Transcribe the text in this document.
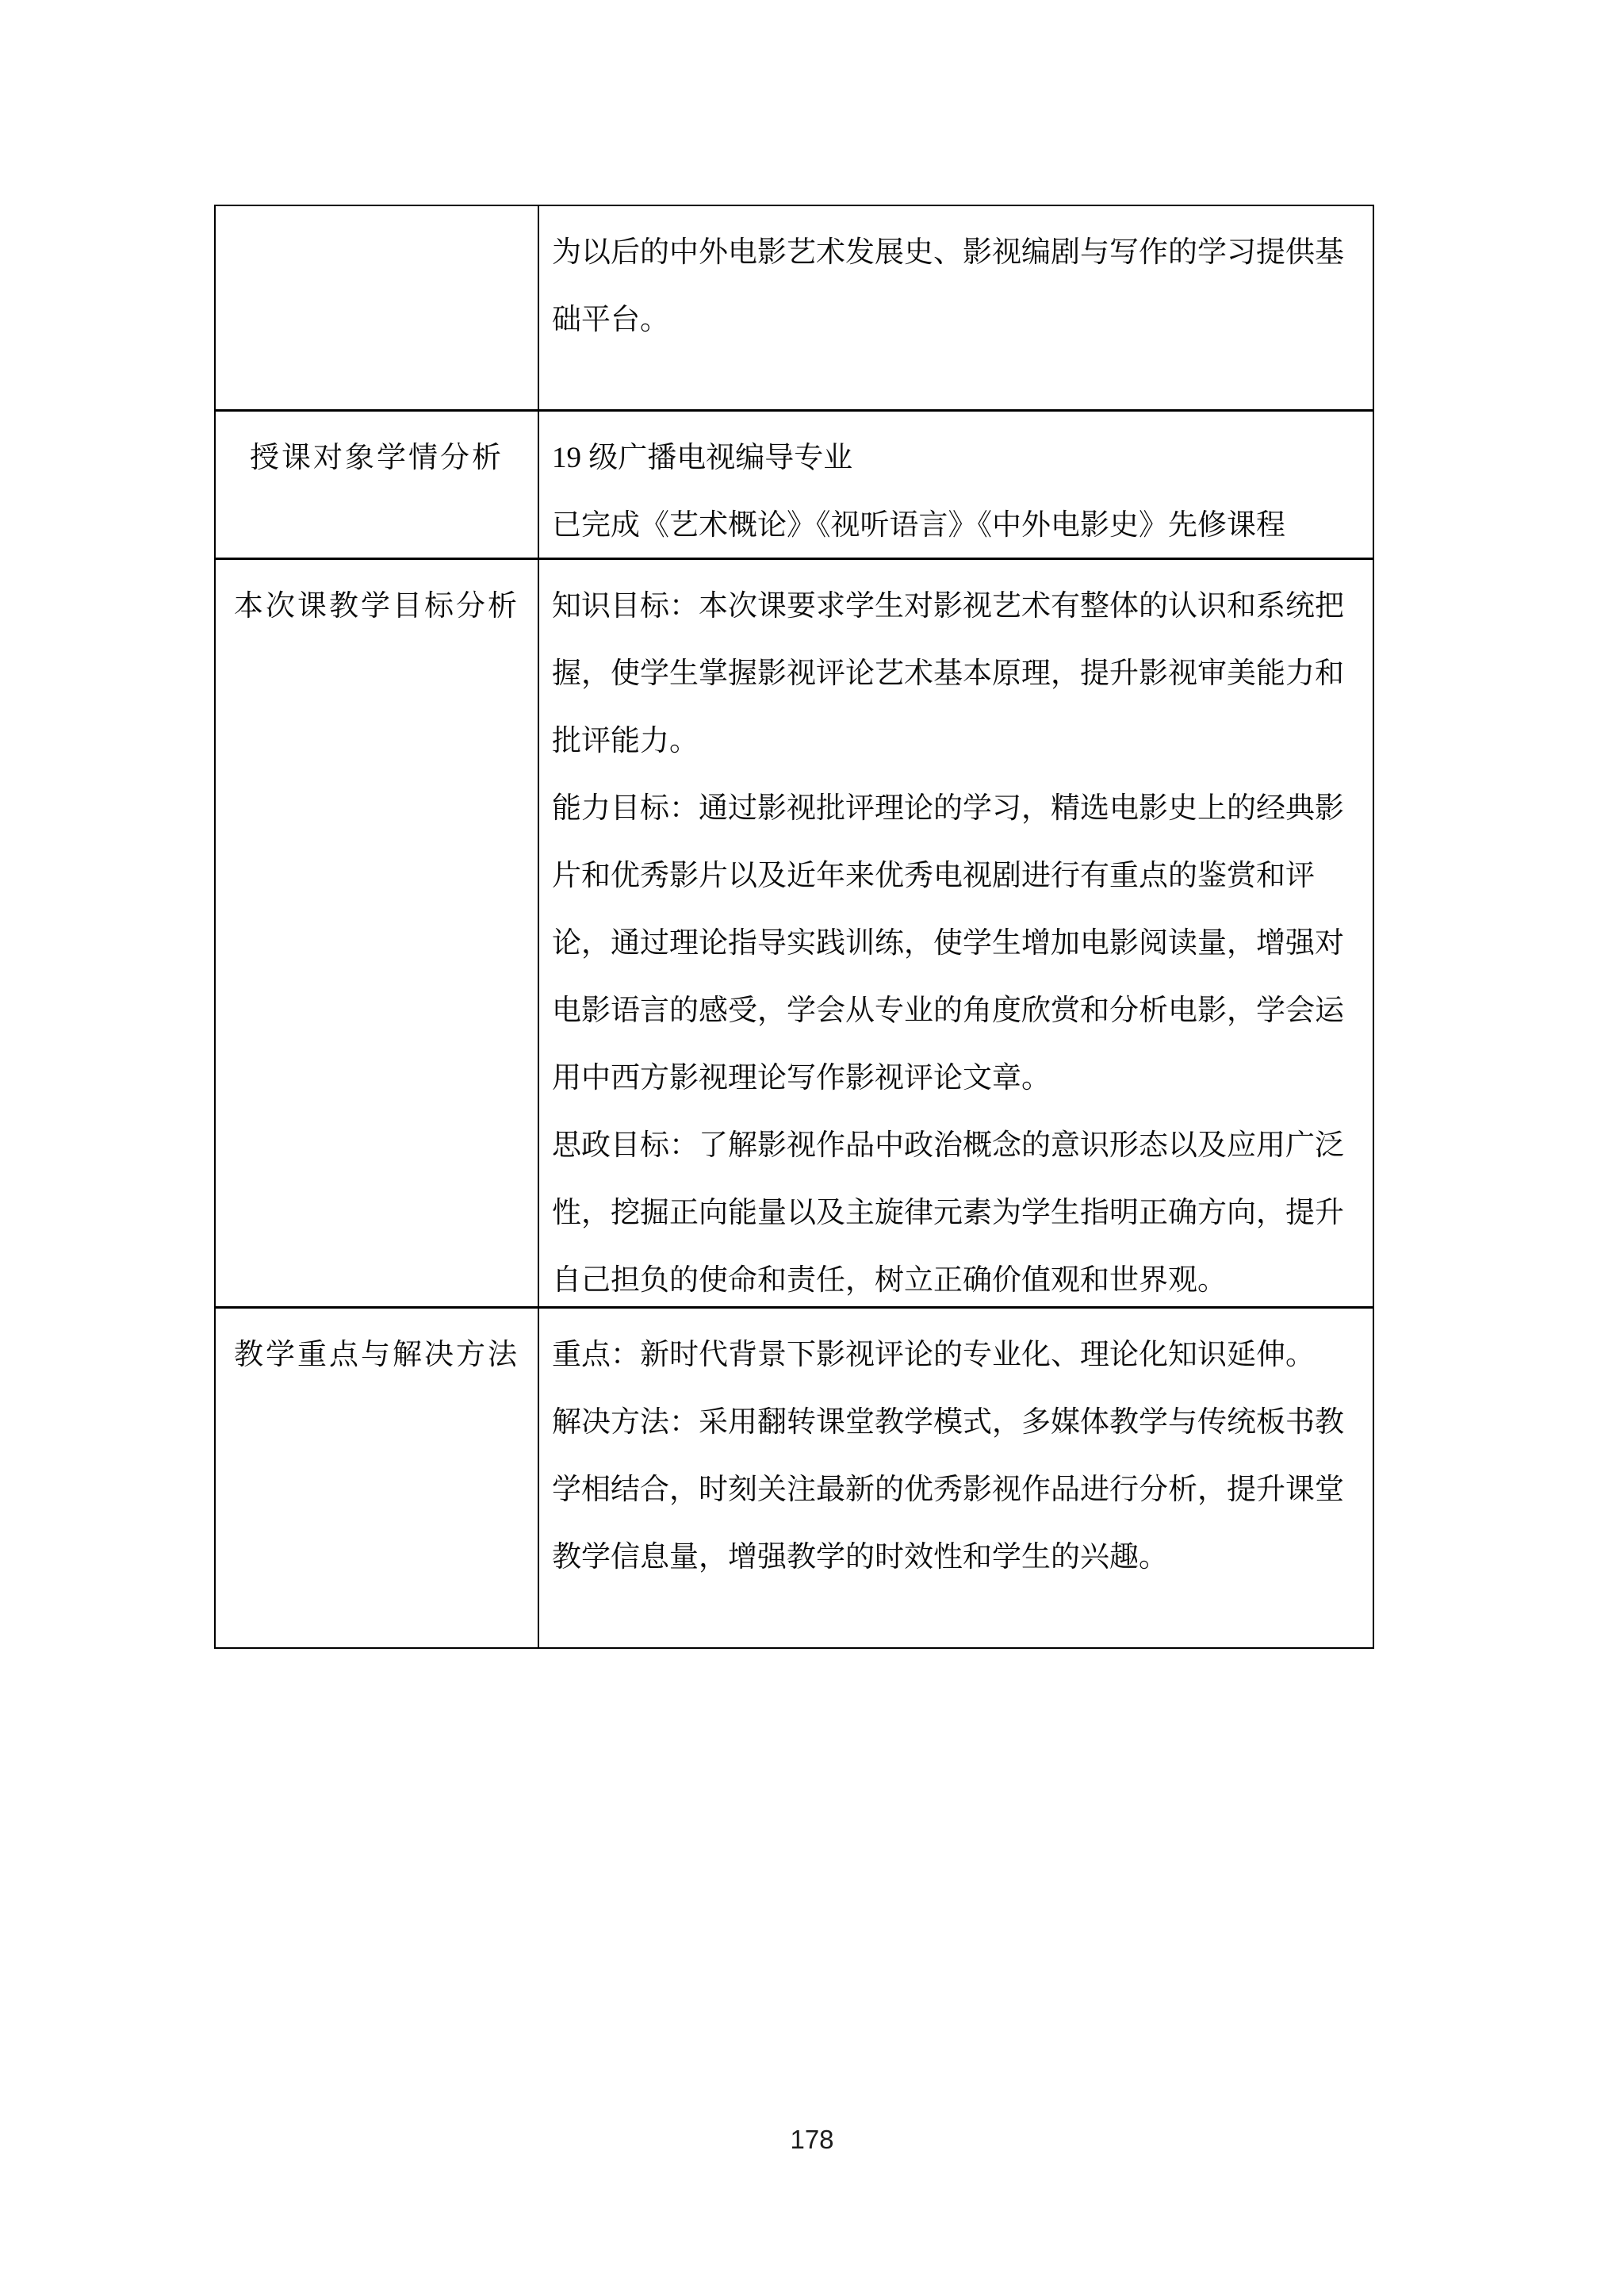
为以后的中外电影艺术发展史、影视编剧与写作的学习提供基础平台。

授课对象学情分析	19 级广播电视编导专业

已完成《艺术概论》《视听语言》《中外电影史》先修课程

本次课教学目标分析	知识目标：本次课要求学生对影视艺术有整体的认识和系统把握，使学生掌握影视评论艺术基本原理，提升影视审美能力和批评能力。

能力目标：通过影视批评理论的学习，精选电影史上的经典影片和优秀影片以及近年来优秀电视剧进行有重点的鉴赏和评论，通过理论指导实践训练，使学生增加电影阅读量，增强对电影语言的感受，学会从专业的角度欣赏和分析电影，学会运用中西方影视理论写作影视评论文章。

思政目标：了解影视作品中政治概念的意识形态以及应用广泛性，挖掘正向能量以及主旋律元素为学生指明正确方向，提升自己担负的使命和责任，树立正确价值观和世界观。

教学重点与解决方法	重点：新时代背景下影视评论的专业化、理论化知识延伸。

解决方法：采用翻转课堂教学模式，多媒体教学与传统板书教学相结合，时刻关注最新的优秀影视作品进行分析，提升课堂教学信息量，增强教学的时效性和学生的兴趣。

178
